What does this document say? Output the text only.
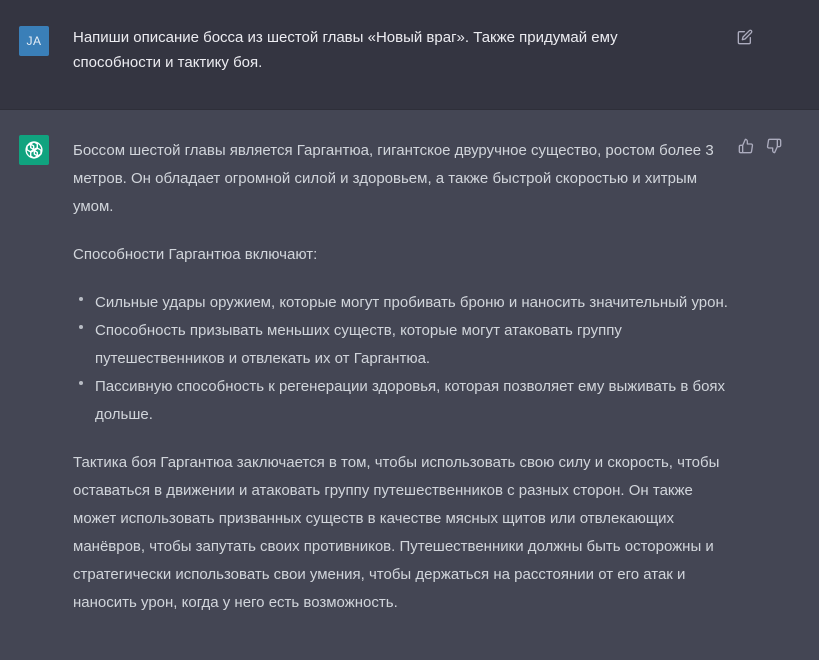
JA Напиши описание босса из шестой главы «Новый враг». Также придумай ему способности и тактику боя.

Боссом шестой главы является Гаргантюа, гигантское двуручное существо, ростом более 3 метров. Он обладает огромной силой и здоровьем, а также быстрой скоростью и хитрым умом.

Способности Гаргантюа включают:

Сильные удары оружием, которые могут пробивать броню и наносить значительный урон.
Способность призывать меньших существ, которые могут атаковать группу путешественников и отвлекать их от Гаргантюа.
Пассивную способность к регенерации здоровья, которая позволяет ему выживать в боях дольше.

Тактика боя Гаргантюа заключается в том, чтобы использовать свою силу и скорость, чтобы оставаться в движении и атаковать группу путешественников с разных сторон. Он также может использовать призванных существ в качестве мясных щитов или отвлекающих манёвров, чтобы запутать своих противников. Путешественники должны быть осторожны и стратегически использовать свои умения, чтобы держаться на расстоянии от его атак и наносить урон, когда у него есть возможность.
